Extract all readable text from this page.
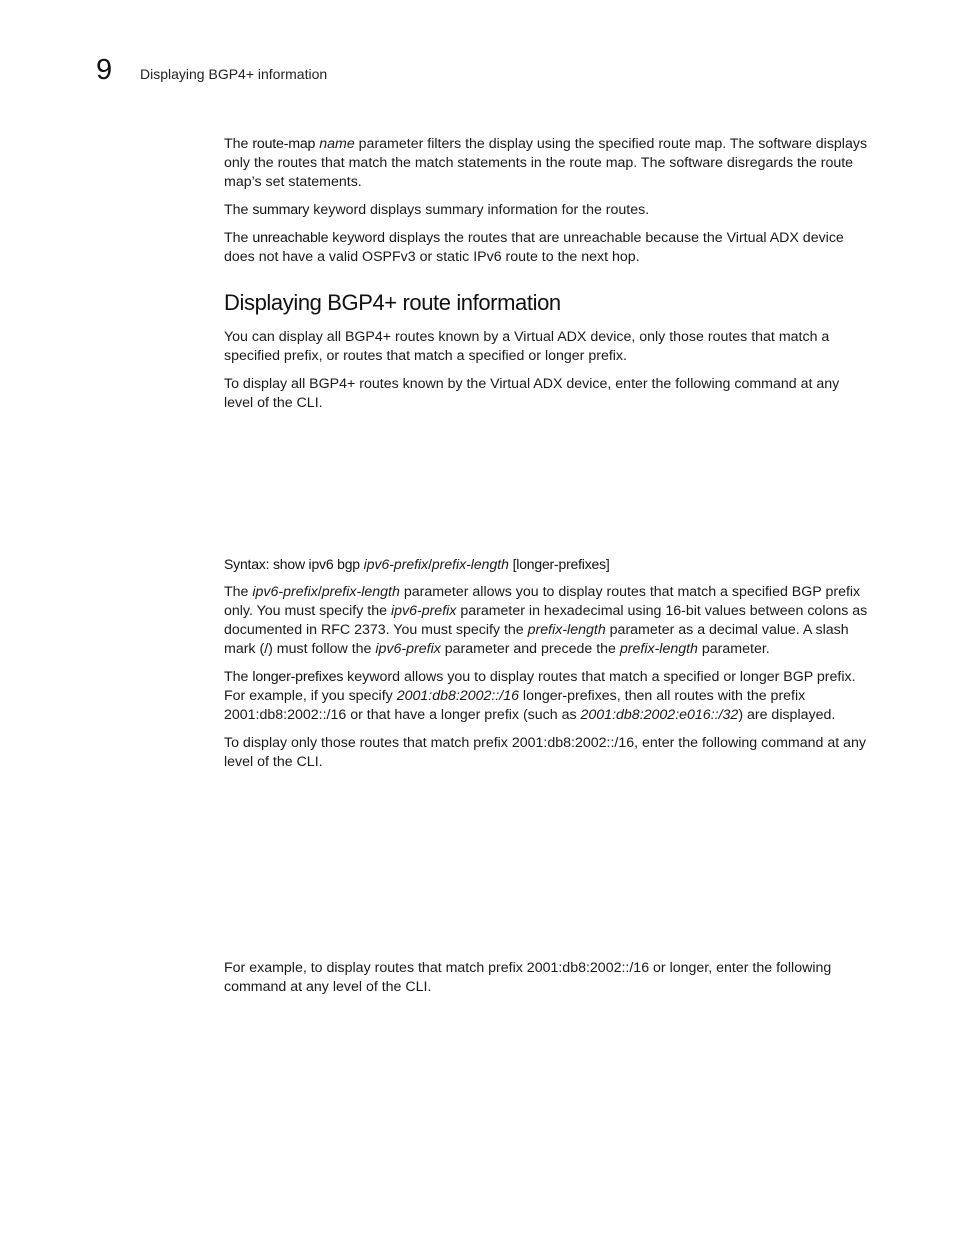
9 Displaying BGP4+ information

The route-map name parameter filters the display using the specified route map. The software displays only the routes that match the match statements in the route map. The software disregards the route map’s set statements.

The summary keyword displays summary information for the routes.

The unreachable keyword displays the routes that are unreachable because the Virtual ADX device does not have a valid OSPFv3 or static IPv6 route to the next hop.

Displaying BGP4+ route information

You can display all BGP4+ routes known by a Virtual ADX device, only those routes that match a specified prefix, or routes that match a specified or longer prefix.

To display all BGP4+ routes known by the Virtual ADX device, enter the following command at any level of the CLI.

Syntax: show ipv6 bgp ipv6-prefix/prefix-length [longer-prefixes]

The ipv6-prefix/prefix-length parameter allows you to display routes that match a specified BGP prefix only. You must specify the ipv6-prefix parameter in hexadecimal using 16-bit values between colons as documented in RFC 2373. You must specify the prefix-length parameter as a decimal value. A slash mark (/) must follow the ipv6-prefix parameter and precede the prefix-length parameter.

The longer-prefixes keyword allows you to display routes that match a specified or longer BGP prefix. For example, if you specify 2001:db8:2002::/16 longer-prefixes, then all routes with the prefix 2001:db8:2002::/16 or that have a longer prefix (such as 2001:db8:2002:e016::/32) are displayed.

To display only those routes that match prefix 2001:db8:2002::/16, enter the following command at any level of the CLI.

For example, to display routes that match prefix 2001:db8:2002::/16 or longer, enter the following command at any level of the CLI.
